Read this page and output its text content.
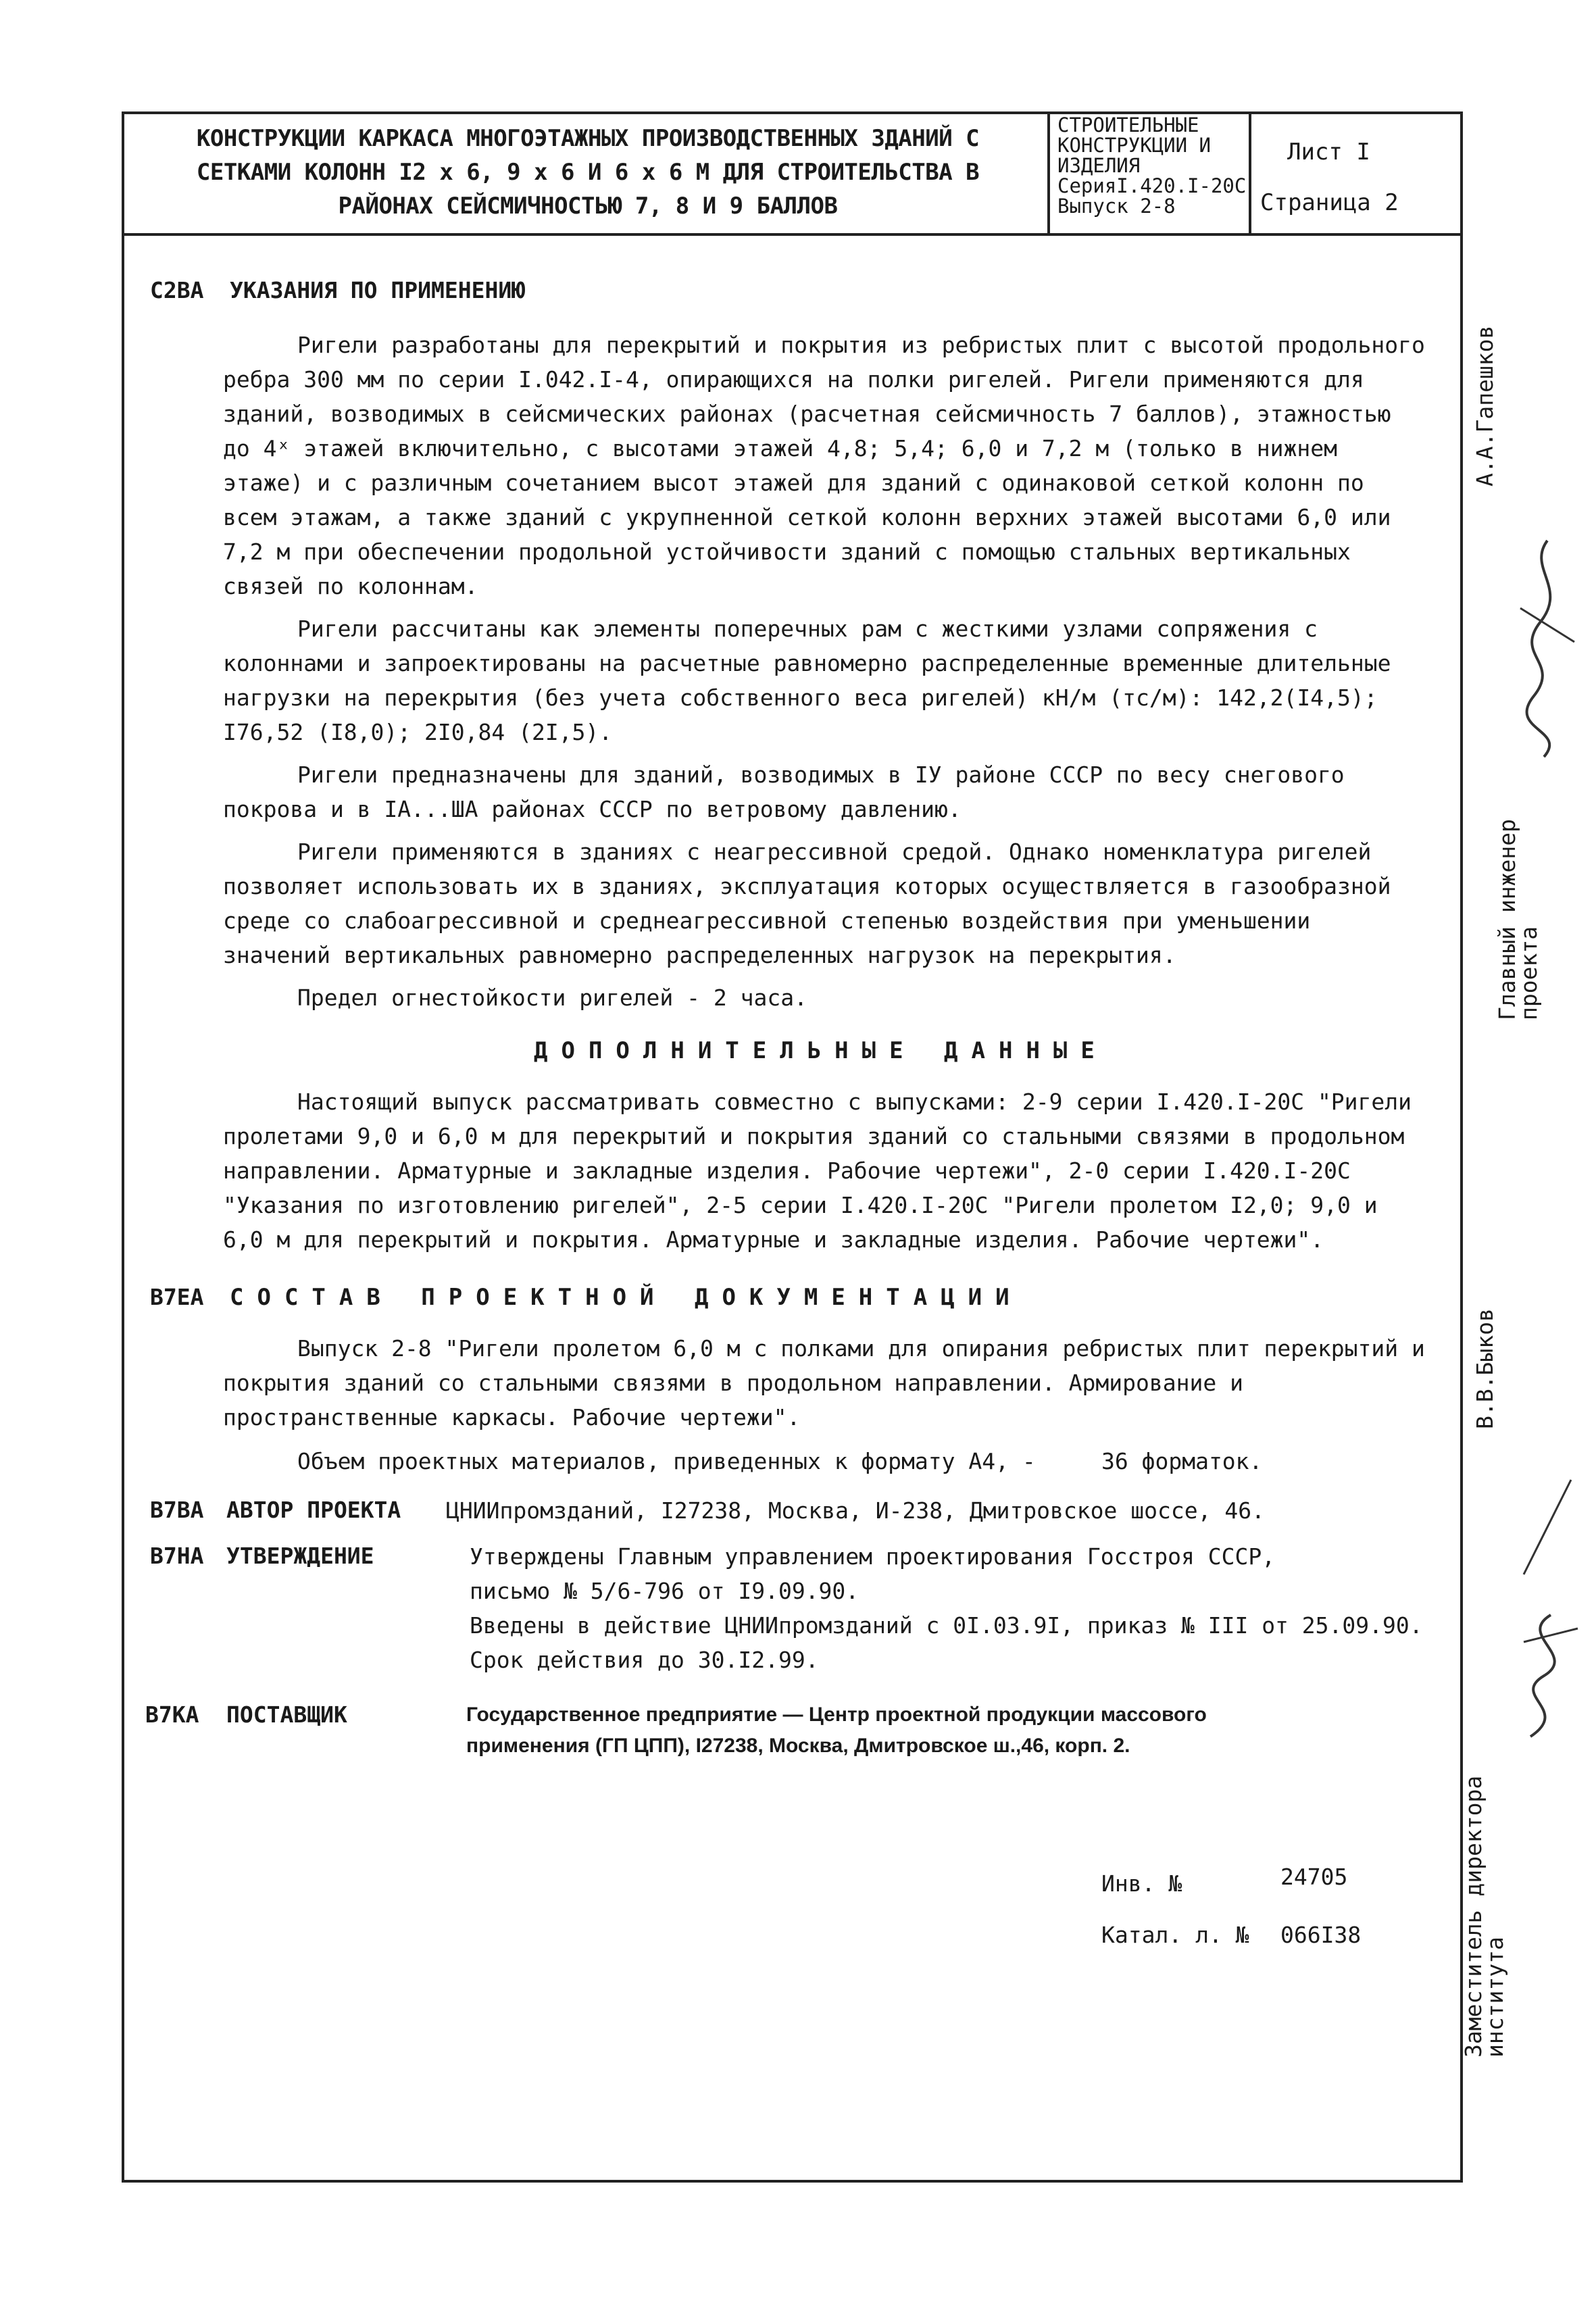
КОНСТРУКЦИИ КАРКАСА МНОГОЭТАЖНЫХ ПРОИЗВОДСТВЕННЫХ ЗДАНИЙ С
СЕТКАМИ КОЛОНН I2 х 6, 9 х 6 И 6 х 6 М ДЛЯ СТРОИТЕЛЬСТВА В
РАЙОНАХ СЕЙСМИЧНОСТЬЮ 7, 8 И 9 БАЛЛОВ
СТРОИТЕЛЬНЫЕ
КОНСТРУКЦИИ И
ИЗДЕЛИЯ
СерияI.420.I-20С
Выпуск 2-8
Лист I
Страница 2
С2ВА УКАЗАНИЯ ПО ПРИМЕНЕНИЮ

Ригели разработаны для перекрытий и покрытия из ребристых плит с высотой продольного ребра 300 мм по серии I.042.I-4, опирающихся на полки ригелей. Ригели применяются для зданий, возводимых в сейсмических районах (расчетная сейсмичность 7 баллов), этажностью до 4ˣ этажей включительно, с высотами этажей 4,8; 5,4; 6,0 и 7,2 м (только в нижнем этаже) и с различным сочетанием высот этажей для зданий с одинаковой сеткой колонн по всем этажам, а также зданий с укрупненной сеткой колонн верхних этажей высотами 6,0 или 7,2 м при обеспечении продольной устойчивости зданий с помощью стальных вертикальных связей по колоннам.

Ригели рассчитаны как элементы поперечных рам с жесткими узлами сопряжения с колоннами и запроектированы на расчетные равномерно распределенные временные длительные нагрузки на перекрытия (без учета собственного веса ригелей) кН/м (тс/м): 142,2(I4,5); I76,52 (I8,0); 2I0,84 (2I,5).

Ригели предназначены для зданий, возводимых в IУ районе СССР по весу снегового покрова и в IА...ШA районах СССР по ветровому давлению.

Ригели применяются в зданиях с неагрессивной средой. Однако номенклатура ригелей позволяет использовать их в зданиях, эксплуатация которых осуществляется в газообразной среде со слабоагрессивной и среднеагрессивной степенью воздействия при уменьшении значений вертикальных равномерно распределенных нагрузок на перекрытия.

Предел огнестойкости ригелей - 2 часа.

ДОПОЛНИТЕЛЬНЫЕ ДАННЫЕ
Настоящий выпуск рассматривать совместно с выпусками: 2-9 серии I.420.I-20С "Ригели пролетами 9,0 и 6,0 м для перекрытий и покрытия зданий со стальными связями в продольном направлении. Арматурные и закладные изделия. Рабочие чертежи", 2-0 серии I.420.I-20С "Указания по изготовлению ригелей", 2-5 серии I.420.I-20С "Ригели пролетом I2,0; 9,0 и 6,0 м для перекрытий и покрытия. Арматурные и закладные изделия. Рабочие чертежи".
В7ЕА СОСТАВ ПРОЕКТНОЙ ДОКУМЕНТАЦИИ
Выпуск 2-8 "Ригели пролетом 6,0 м с полками для опирания ребристых плит перекрытий и покрытия зданий со стальными связями в продольном направлении. Армирование и пространственные каркасы. Рабочие чертежи".
Объем проектных материалов, приведенных к формату А4, -	36 форматок.
В7ВА АВТОР ПРОЕКТА ЦНИИпромзданий, I27238, Москва, И-238, Дмитровское шоссе, 46.
В7НА УТВЕРЖДЕНИЕ	Утверждены Главным управлением проектирования Госстроя СССР,
письмо № 5/6-796 от I9.09.90.
Введены в действие ЦНИИпромзданий с 0I.03.9I, приказ № III от 25.09.90.
Срок действия до 30.I2.99.
В7КА ПОСТАВЩИК	Государственное предприятие — Центр проектной продукции массового
применения (ГП ЦПП), I27238, Москва, Дмитровское ш.,46, корп. 2.
Инв. №	24705
Катал. л. № 066I38
А.А.Гапешков
Главный инженер
проекта
В.В.Быков
Заместитель директора
института
